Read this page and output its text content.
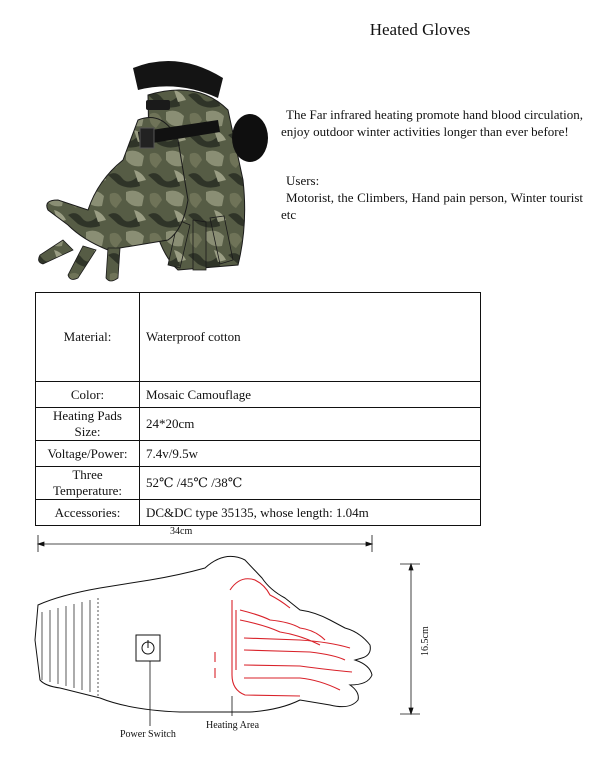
Heated Gloves
The Far infrared heating promote hand blood circulation, enjoy outdoor winter activities longer than ever before!
Users:
Motorist, the Climbers, Hand pain person, Winter tourist etc
Material:	Waterproof cotton
Color:	Mosaic Camouflage
Heating Pads Size:	24*20cm
Voltage/Power:	7.4v/9.5w
Three Temperature:	52℃ /45℃ /38℃
Accessories:	DC&DC type 35135, whose length: 1.04m
34cm
16.5cm
Power Switch
Heating Area
